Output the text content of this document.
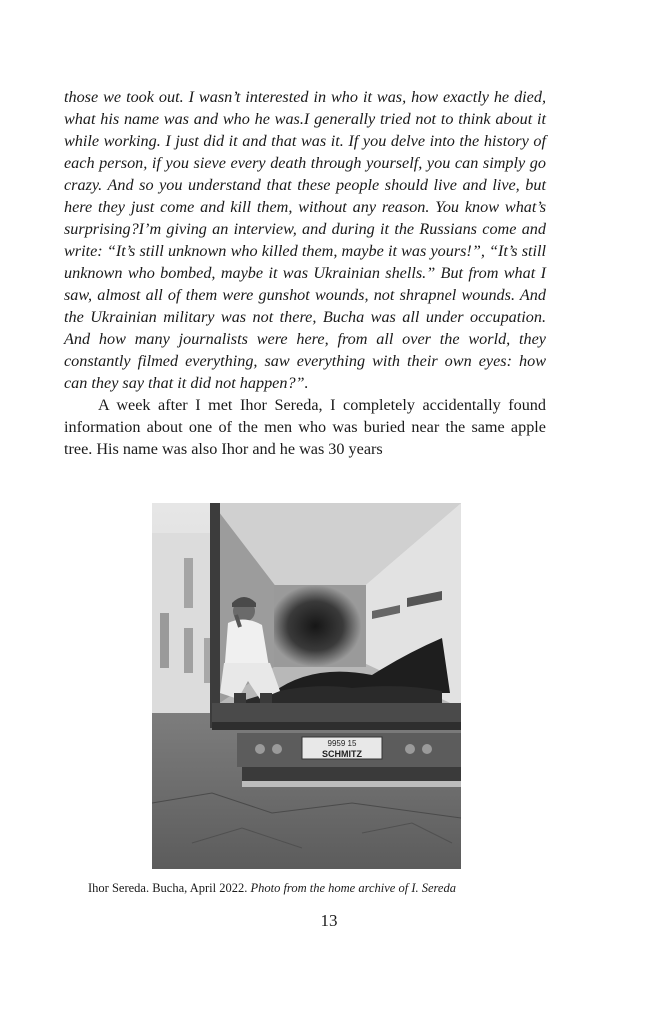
those we took out. I wasn’t interested in who it was, how exactly he died, what his name was and who he was.I generally tried not to think about it while working. I just did it and that was it. If you delve into the history of each person, if you sieve every death through yourself, you can simply go crazy. And so you understand that these people should live and live, but here they just come and kill them, without any reason. You know what’s surprising?I’m giving an interview, and during it the Russians come and write: “It’s still unknown who killed them, maybe it was yours!”, “It’s still unknown who bombed, maybe it was Ukrainian shells.” But from what I saw, almost all of them were gunshot wounds, not shrapnel wounds. And the Ukrainian military was not there, Bucha was all under occupation. And how many journalists were here, from all over the world, they constantly filmed everything, saw everything with their own eyes: how can they say that it did not happen?”.

A week after I met Ihor Sereda, I completely accidentally found information about one of the men who was buried near the same apple tree. His name was also Ihor and he was 30 years

9959 15
SCHMITZ
Ihor Sereda. Bucha, April 2022. Photo from the home archive of I. Sereda
13
